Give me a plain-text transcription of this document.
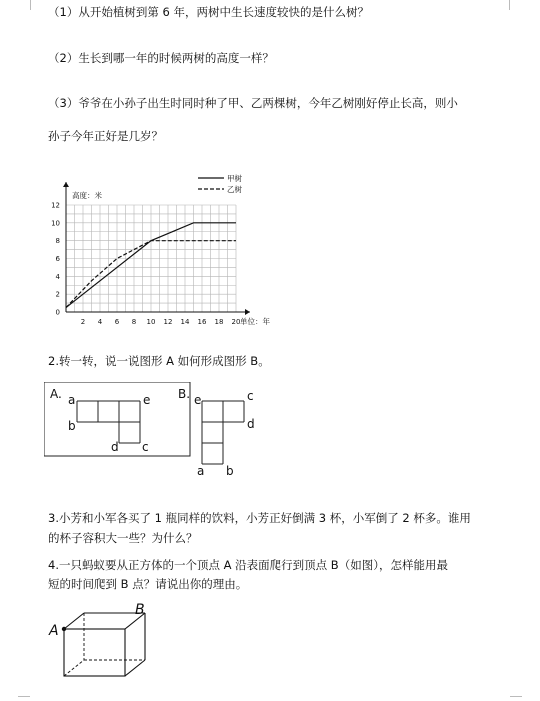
（1）从开始植树到第 6 年，两树中生长速度较快的是什么树？
（2）生长到哪一年的时候两树的高度一样？
（3）爷爷在小孙子出生时同时种了甲、乙两棵树，今年乙树刚好停止长高，则小
孙子今年正好是几岁？
2 4 6 8 10 12 14 16 18 20
0
2
4
6
8
10
12
高度：米
单位：年
甲树
乙树
2.转一转，说一说图形 A 如何形成图形 B。
A. a	e
b
d c
B. e	c
d
a b
3.小芳和小军各买了 1 瓶同样的饮料，小芳正好倒满 3 杯，小军倒了 2 杯多。谁用
的杯子容积大一些？为什么？
4.一只蚂蚁要从正方体的一个顶点 A 沿表面爬行到顶点 B（如图），怎样能用最
短的时间爬到 B 点？请说出你的理由。
A
B
